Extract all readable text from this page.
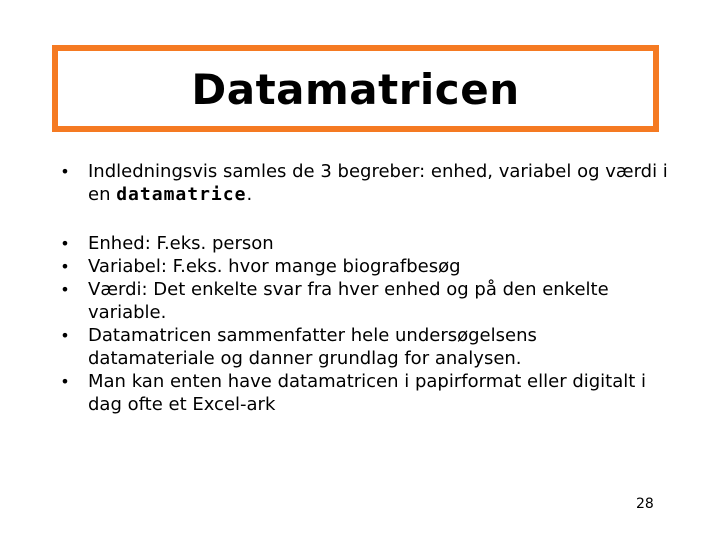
Datamatricen
• Indledningsvis samles de 3 begreber: enhed, variabel og værdi i en datamatrice.
• Enhed: F.eks. person
• Variabel: F.eks. hvor mange biografbesøg
• Værdi: Det enkelte svar fra hver enhed og på den enkelte variable.
• Datamatricen sammenfatter hele undersøgelsens datamateriale og danner grundlag for analysen.
• Man kan enten have datamatricen i papirformat eller digitalt i dag ofte et Excel-ark
28
